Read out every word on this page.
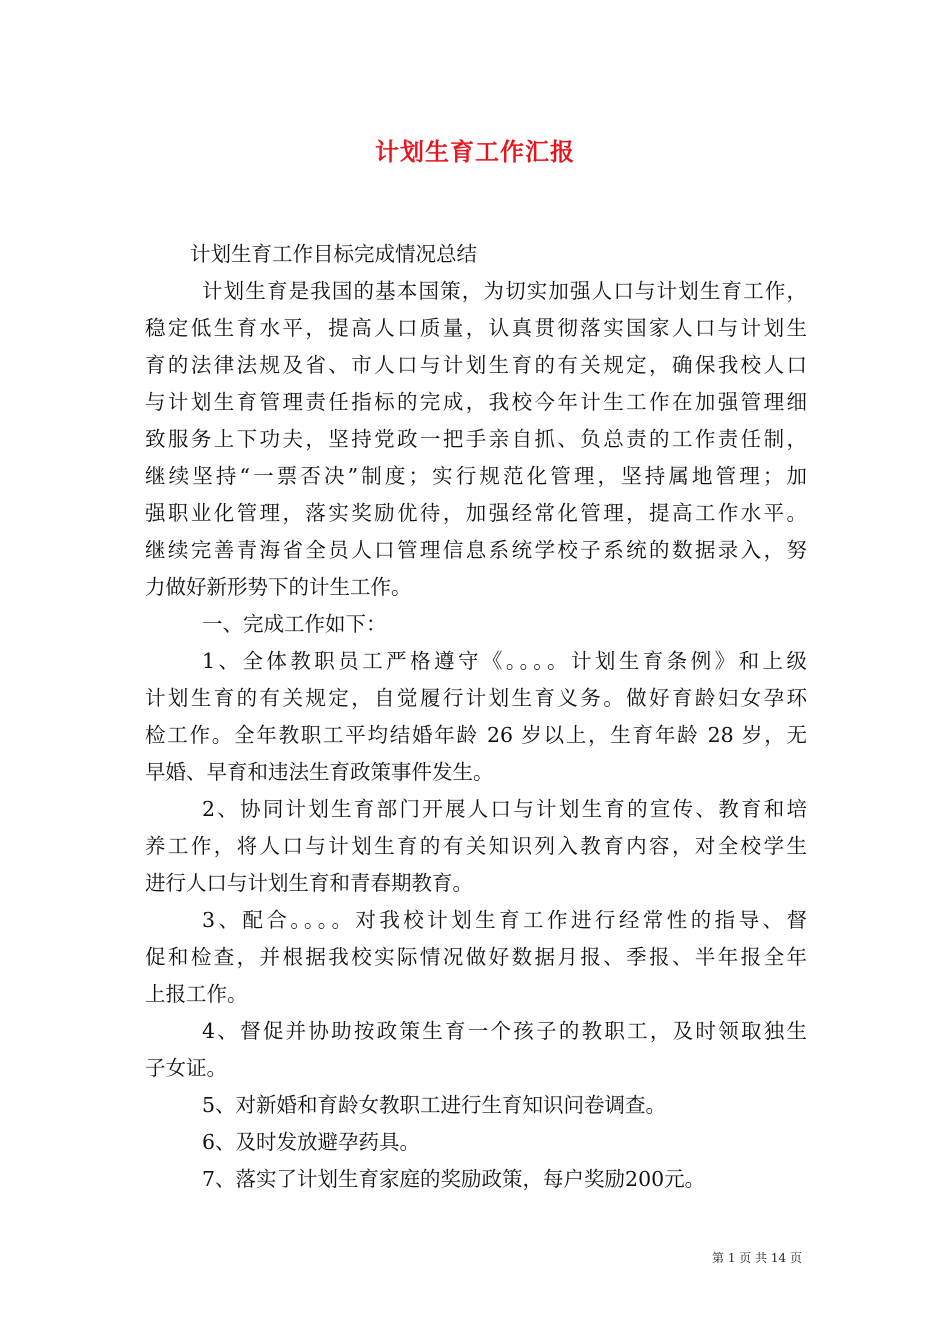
计划生育工作汇报
计划生育工作目标完成情况总结
计划生育是我国的基本国策，为切实加强人口与计划生育工作，
稳定低生育水平，提高人口质量，认真贯彻落实国家人口与计划生
育的法律法规及省、市人口与计划生育的有关规定，确保我校人口
与计划生育管理责任指标的完成，我校今年计生工作在加强管理细
致服务上下功夫，坚持党政一把手亲自抓、负总责的工作责任制，
继续坚持“一票否决”制度；实行规范化管理，坚持属地管理；加
强职业化管理，落实奖励优待，加强经常化管理，提高工作水平。
继续完善青海省全员人口管理信息系统学校子系统的数据录入，努
力做好新形势下的计生工作。
一、完成工作如下：
1、全体教职员工严格遵守《。。。。计划生育条例》和上级
计划生育的有关规定，自觉履行计划生育义务。做好育龄妇女孕环
检工作。全年教职工平均结婚年龄 26 岁以上，生育年龄 28 岁，无
早婚、早育和违法生育政策事件发生。
2、协同计划生育部门开展人口与计划生育的宣传、教育和培
养工作，将人口与计划生育的有关知识列入教育内容，对全校学生
进行人口与计划生育和青春期教育。
3、配合。。。。对我校计划生育工作进行经常性的指导、督
促和检查，并根据我校实际情况做好数据月报、季报、半年报全年
上报工作。
4、督促并协助按政策生育一个孩子的教职工，及时领取独生
子女证。
5、对新婚和育龄女教职工进行生育知识问卷调查。
6、及时发放避孕药具。
7、落实了计划生育家庭的奖励政策，每户奖励200元。
第 1 页 共 14 页
